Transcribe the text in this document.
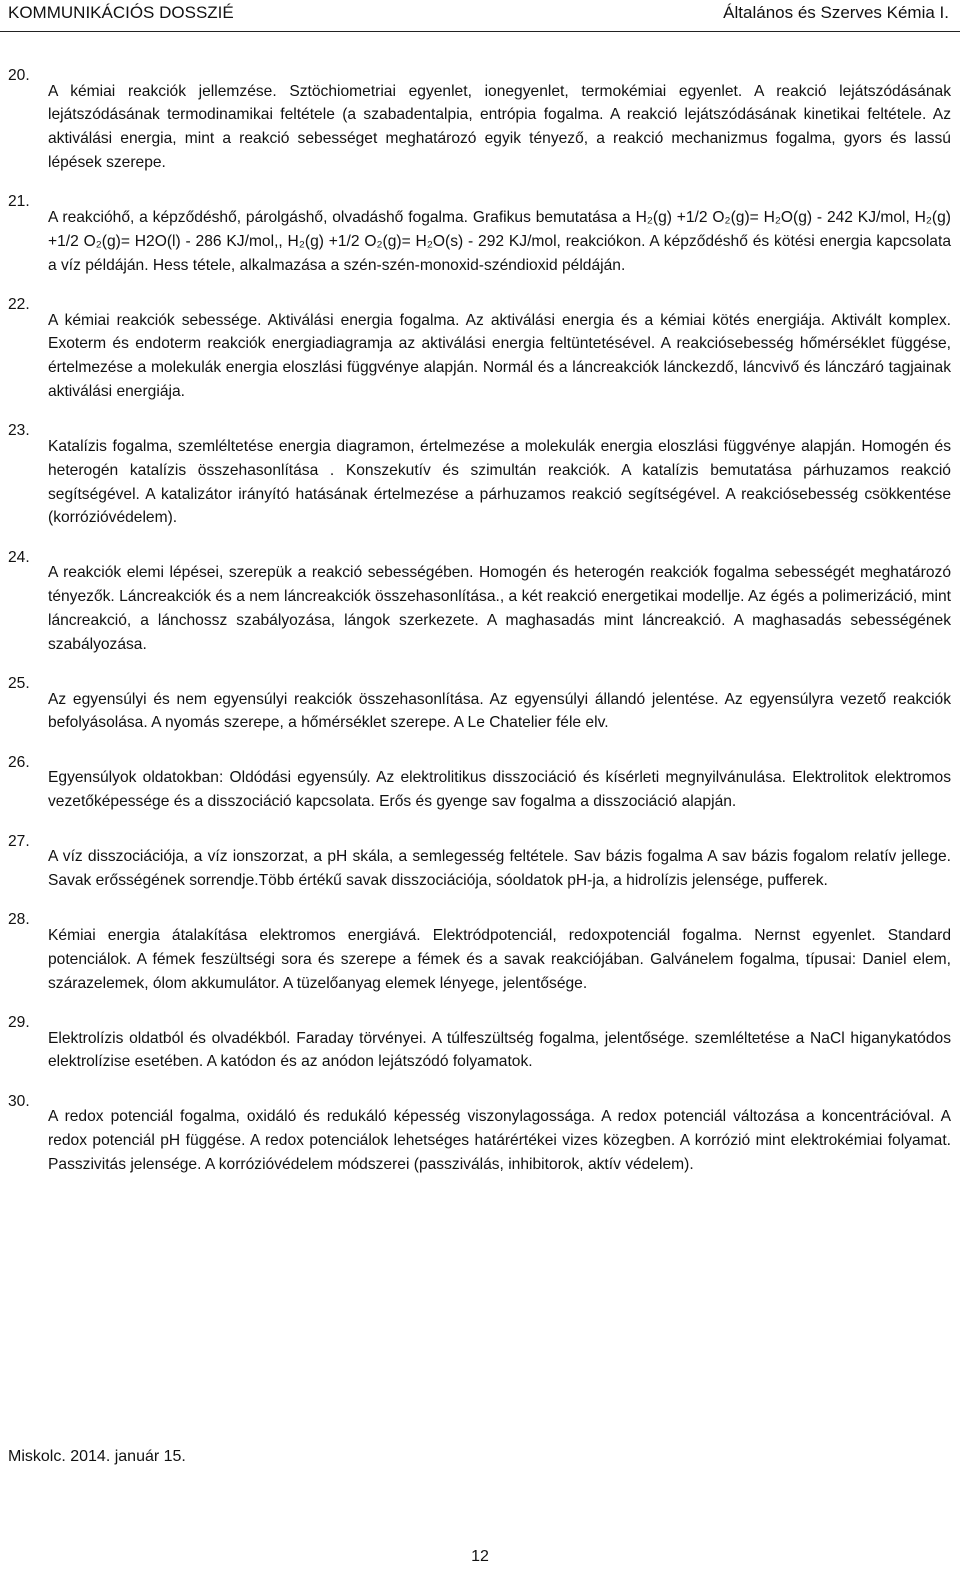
KOMMUNIKÁCIÓS DOSSZIÉ	Általános és Szerves Kémia I.
20.

A kémiai reakciók jellemzése. Sztöchiometriai egyenlet, ionegyenlet, termokémiai egyenlet. A reakció lejátszódásának lejátszódásának termodinamikai feltétele (a szabadentalpia, entrópia fogalma. A reakció lejátszódásának kinetikai feltétele. Az aktiválási energia, mint a reakció sebességet meghatározó egyik tényező, a reakció mechanizmus fogalma, gyors és lassú lépések szerepe.

21.

A reakcióhő, a képződéshő, párolgáshő, olvadáshő fogalma. Grafikus bemutatása a H₂(g) +1/2 O₂(g)= H₂O(g) - 242 KJ/mol, H₂(g) +1/2 O₂(g)= H2O(l) - 286 KJ/mol,, H₂(g) +1/2 O₂(g)= H₂O(s) - 292 KJ/mol, reakciókon. A képződéshő és kötési energia kapcsolata a víz példáján. Hess tétele, alkalmazása a szén-szén-monoxid-széndioxid példáján.

22.

A kémiai reakciók sebessége. Aktiválási energia fogalma. Az aktiválási energia és a kémiai kötés energiája. Aktivált komplex. Exoterm és endoterm reakciók energiadiagramja az aktiválási energia feltüntetésével. A reakciósebesség hőmérséklet függése, értelmezése a molekulák energia eloszlási függvénye alapján. Normál és a láncreakciók lánckezdő, láncvivő és lánczáró tagjainak aktiválási energiája.

23.

Katalízis fogalma, szemléltetése energia diagramon, értelmezése a molekulák energia eloszlási függvénye alapján. Homogén és heterogén katalízis összehasonlítása . Konszekutív és szimultán reakciók. A katalízis bemutatása párhuzamos reakció segítségével. A katalizátor irányító hatásának értelmezése a párhuzamos reakció segítségével. A reakciósebesség csökkentése (korrózióvédelem).

24.

A reakciók elemi lépései, szerepük a reakció sebességében. Homogén és heterogén reakciók fogalma sebességét meghatározó tényezők. Láncreakciók és a nem láncreakciók összehasonlítása., a két reakció energetikai modellje. Az égés a polimerizáció, mint láncreakció, a lánchossz szabályozása, lángok szerkezete. A maghasadás mint láncreakció. A maghasadás sebességének szabályozása.

25.

Az egyensúlyi és nem egyensúlyi reakciók összehasonlítása. Az egyensúlyi állandó jelentése. Az egyensúlyra vezető reakciók befolyásolása. A nyomás szerepe, a hőmérséklet szerepe. A Le Chatelier féle elv.

26.

Egyensúlyok oldatokban: Oldódási egyensúly. Az elektrolitikus disszociáció és kísérleti megnyilvánulása. Elektrolitok elektromos vezetőképessége és a disszociáció kapcsolata. Erős és gyenge sav fogalma a disszociáció alapján.

27.

A víz disszociációja, a víz ionszorzat, a pH skála, a semlegesség feltétele. Sav bázis fogalma A sav bázis fogalom relatív jellege. Savak erősségének sorrendje.Több értékű savak disszociációja, sóoldatok pH-ja, a hidrolízis jelensége, pufferek.

28.

Kémiai energia átalakítása elektromos energiává. Elektródpotenciál, redoxpotenciál fogalma. Nernst egyenlet. Standard potenciálok. A fémek feszültségi sora és szerepe a fémek és a savak reakciójában. Galvánelem fogalma, típusai: Daniel elem, szárazelemek, ólom akkumulátor. A tüzelőanyag elemek lényege, jelentősége.

29.

Elektrolízis oldatból és olvadékból. Faraday törvényei. A túlfeszültség fogalma, jelentősége. szemléltetése a NaCl higanykatódos elektrolízise esetében. A katódon és az anódon lejátszódó folyamatok.

30.

A redox potenciál fogalma, oxidáló és redukáló képesség viszonylagossága. A redox potenciál változása a koncentrációval. A redox potenciál pH függése. A redox potenciálok lehetséges határértékei vizes közegben. A korrózió mint elektrokémiai folyamat. Passzivitás jelensége. A korrózióvédelem módszerei (passziválás, inhibitorok, aktív védelem).

Miskolc. 2014. január 15.
12
